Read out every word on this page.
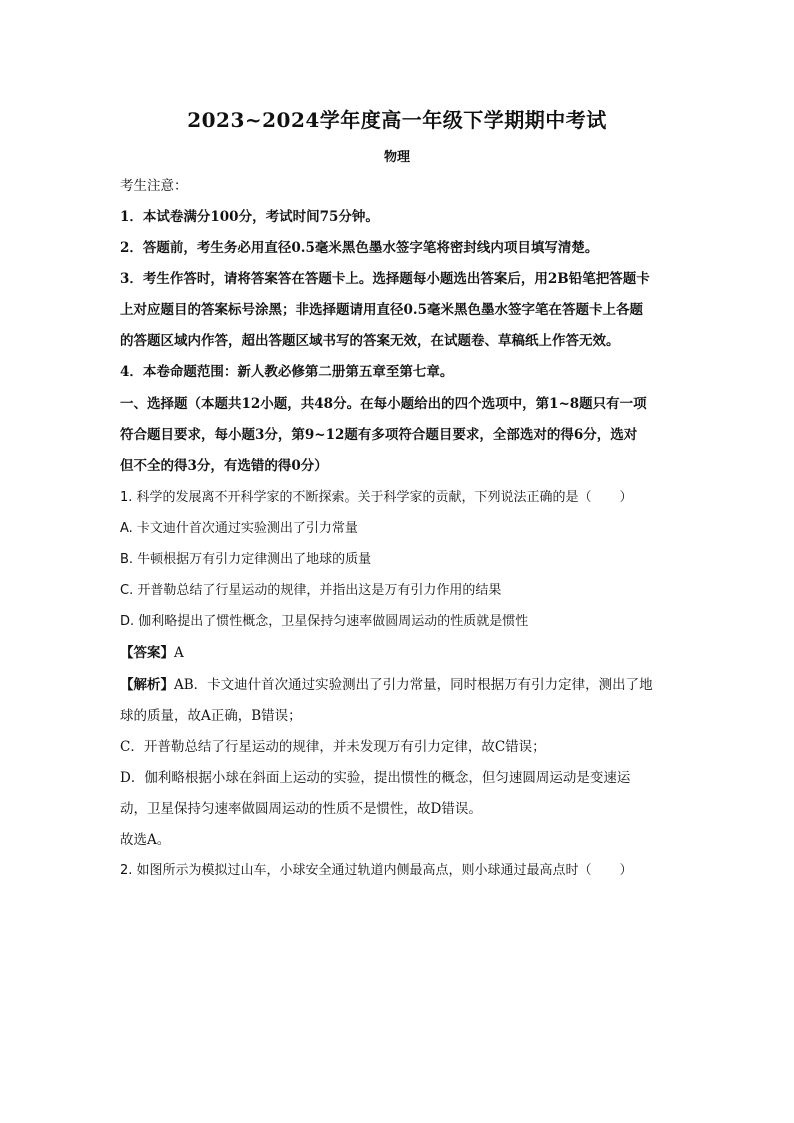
2023~2024学年度高一年级下学期期中考试
物理
考生注意：
1．本试卷满分100分，考试时间75分钟。
2．答题前，考生务必用直径0.5毫米黑色墨水签字笔将密封线内项目填写清楚。
3．考生作答时，请将答案答在答题卡上。选择题每小题选出答案后，用2B铅笔把答题卡
上对应题目的答案标号涂黑；非选择题请用直径0.5毫米黑色墨水签字笔在答题卡上各题
的答题区域内作答，超出答题区域书写的答案无效，在试题卷、草稿纸上作答无效。
4．本卷命题范围：新人教必修第二册第五章至第七章。
一、选择题（本题共12小题，共48分。在每小题给出的四个选项中，第1~8题只有一项
符合题目要求，每小题3分，第9~12题有多项符合题目要求，全部选对的得6分，选对
但不全的得3分，有选错的得0分）
1. 科学的发展离不开科学家的不断探索。关于科学家的贡献，下列说法正确的是（ ）
A. 卡文迪什首次通过实验测出了引力常量
B. 牛顿根据万有引力定律测出了地球的质量
C. 开普勒总结了行星运动的规律，并指出这是万有引力作用的结果
D. 伽利略提出了惯性概念，卫星保持匀速率做圆周运动的性质就是惯性
【答案】A
【解析】AB．卡文迪什首次通过实验测出了引力常量，同时根据万有引力定律，测出了地
球的质量，故A正确，B错误；
C．开普勒总结了行星运动的规律，并未发现万有引力定律，故C错误；
D．伽利略根据小球在斜面上运动的实验，提出惯性的概念，但匀速圆周运动是变速运
动，卫星保持匀速率做圆周运动的性质不是惯性，故D错误。
故选A。
2. 如图所示为模拟过山车，小球安全通过轨道内侧最高点，则小球通过最高点时（ ）
